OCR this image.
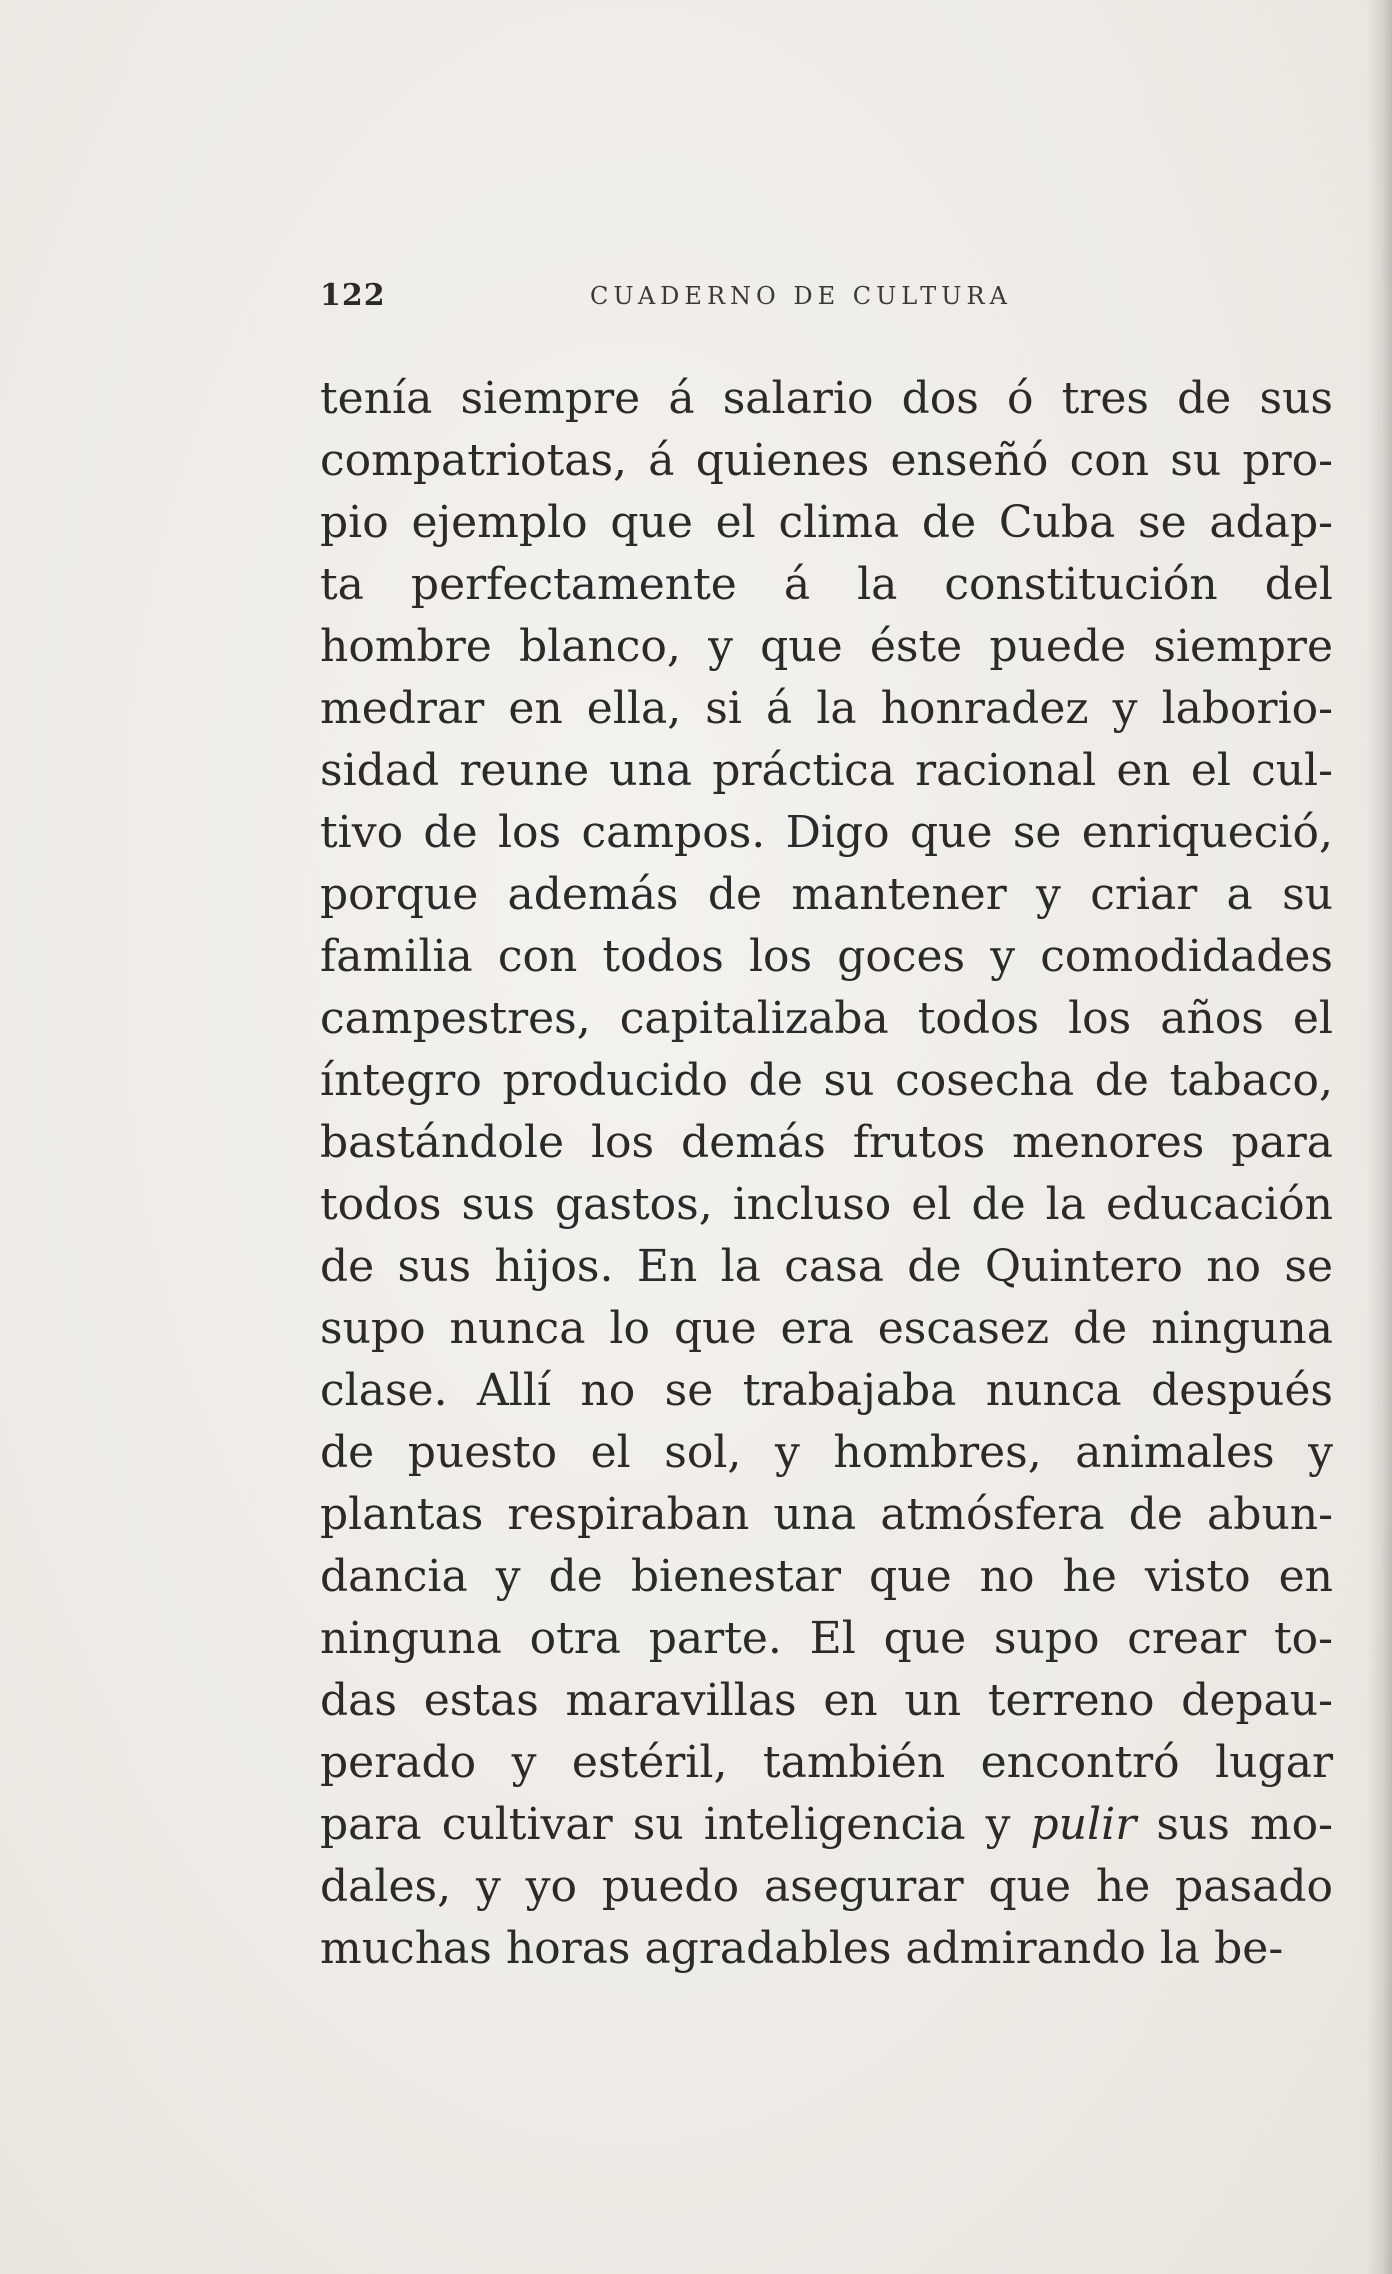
122	CUADERNO DE CULTURA
tenía siempre á salario dos ó tres de sus
compatriotas, á quienes enseñó con su pro-
pio ejemplo que el clima de Cuba se adap-
ta perfectamente á la constitución del
hombre blanco, y que éste puede siempre
medrar en ella, si á la honradez y laborio-
sidad reune una práctica racional en el cul-
tivo de los campos. Digo que se enriqueció,
porque además de mantener y criar a su
familia con todos los goces y comodidades
campestres, capitalizaba todos los años el
íntegro producido de su cosecha de tabaco,
bastándole los demás frutos menores para
todos sus gastos, incluso el de la educación
de sus hijos. En la casa de Quintero no se
supo nunca lo que era escasez de ninguna
clase. Allí no se trabajaba nunca después
de puesto el sol, y hombres, animales y
plantas respiraban una atmósfera de abun-
dancia y de bienestar que no he visto en
ninguna otra parte. El que supo crear to-
das estas maravillas en un terreno depau-
perado y estéril, también encontró lugar
para cultivar su inteligencia y pulir sus mo-
dales, y yo puedo asegurar que he pasado
muchas horas agradables admirando la be-
